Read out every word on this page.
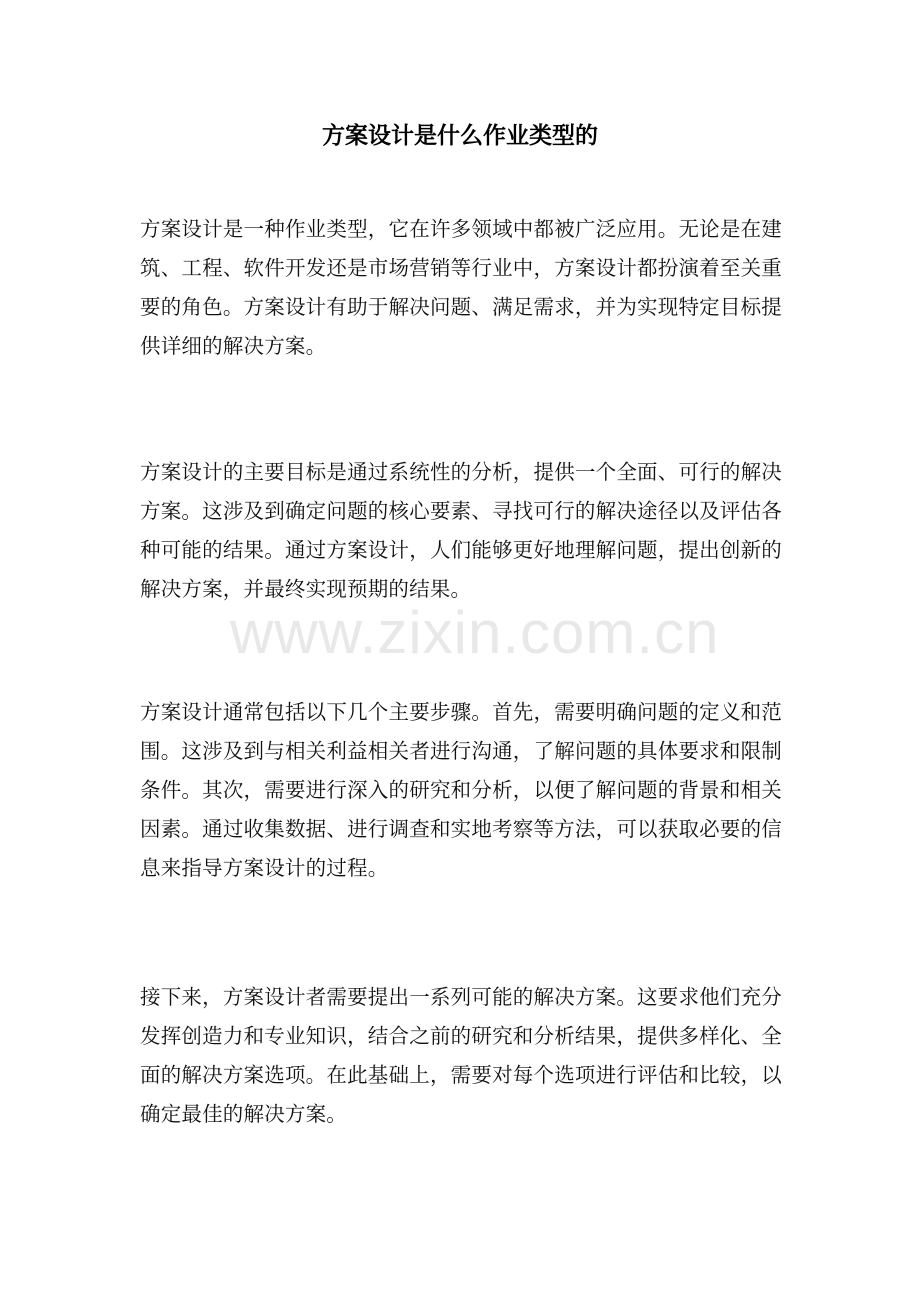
方案设计是什么作业类型的

方案设计是一种作业类型，它在许多领域中都被广泛应用。无论是在建筑、工程、软件开发还是市场营销等行业中，方案设计都扮演着至关重要的角色。方案设计有助于解决问题、满足需求，并为实现特定目标提供详细的解决方案。

方案设计的主要目标是通过系统性的分析，提供一个全面、可行的解决方案。这涉及到确定问题的核心要素、寻找可行的解决途径以及评估各种可能的结果。通过方案设计，人们能够更好地理解问题，提出创新的解决方案，并最终实现预期的结果。

方案设计通常包括以下几个主要步骤。首先，需要明确问题的定义和范围。这涉及到与相关利益相关者进行沟通，了解问题的具体要求和限制条件。其次，需要进行深入的研究和分析，以便了解问题的背景和相关因素。通过收集数据、进行调查和实地考察等方法，可以获取必要的信息来指导方案设计的过程。

接下来，方案设计者需要提出一系列可能的解决方案。这要求他们充分发挥创造力和专业知识，结合之前的研究和分析结果，提供多样化、全面的解决方案选项。在此基础上，需要对每个选项进行评估和比较，以确定最佳的解决方案。

www.zixin.com.cn
